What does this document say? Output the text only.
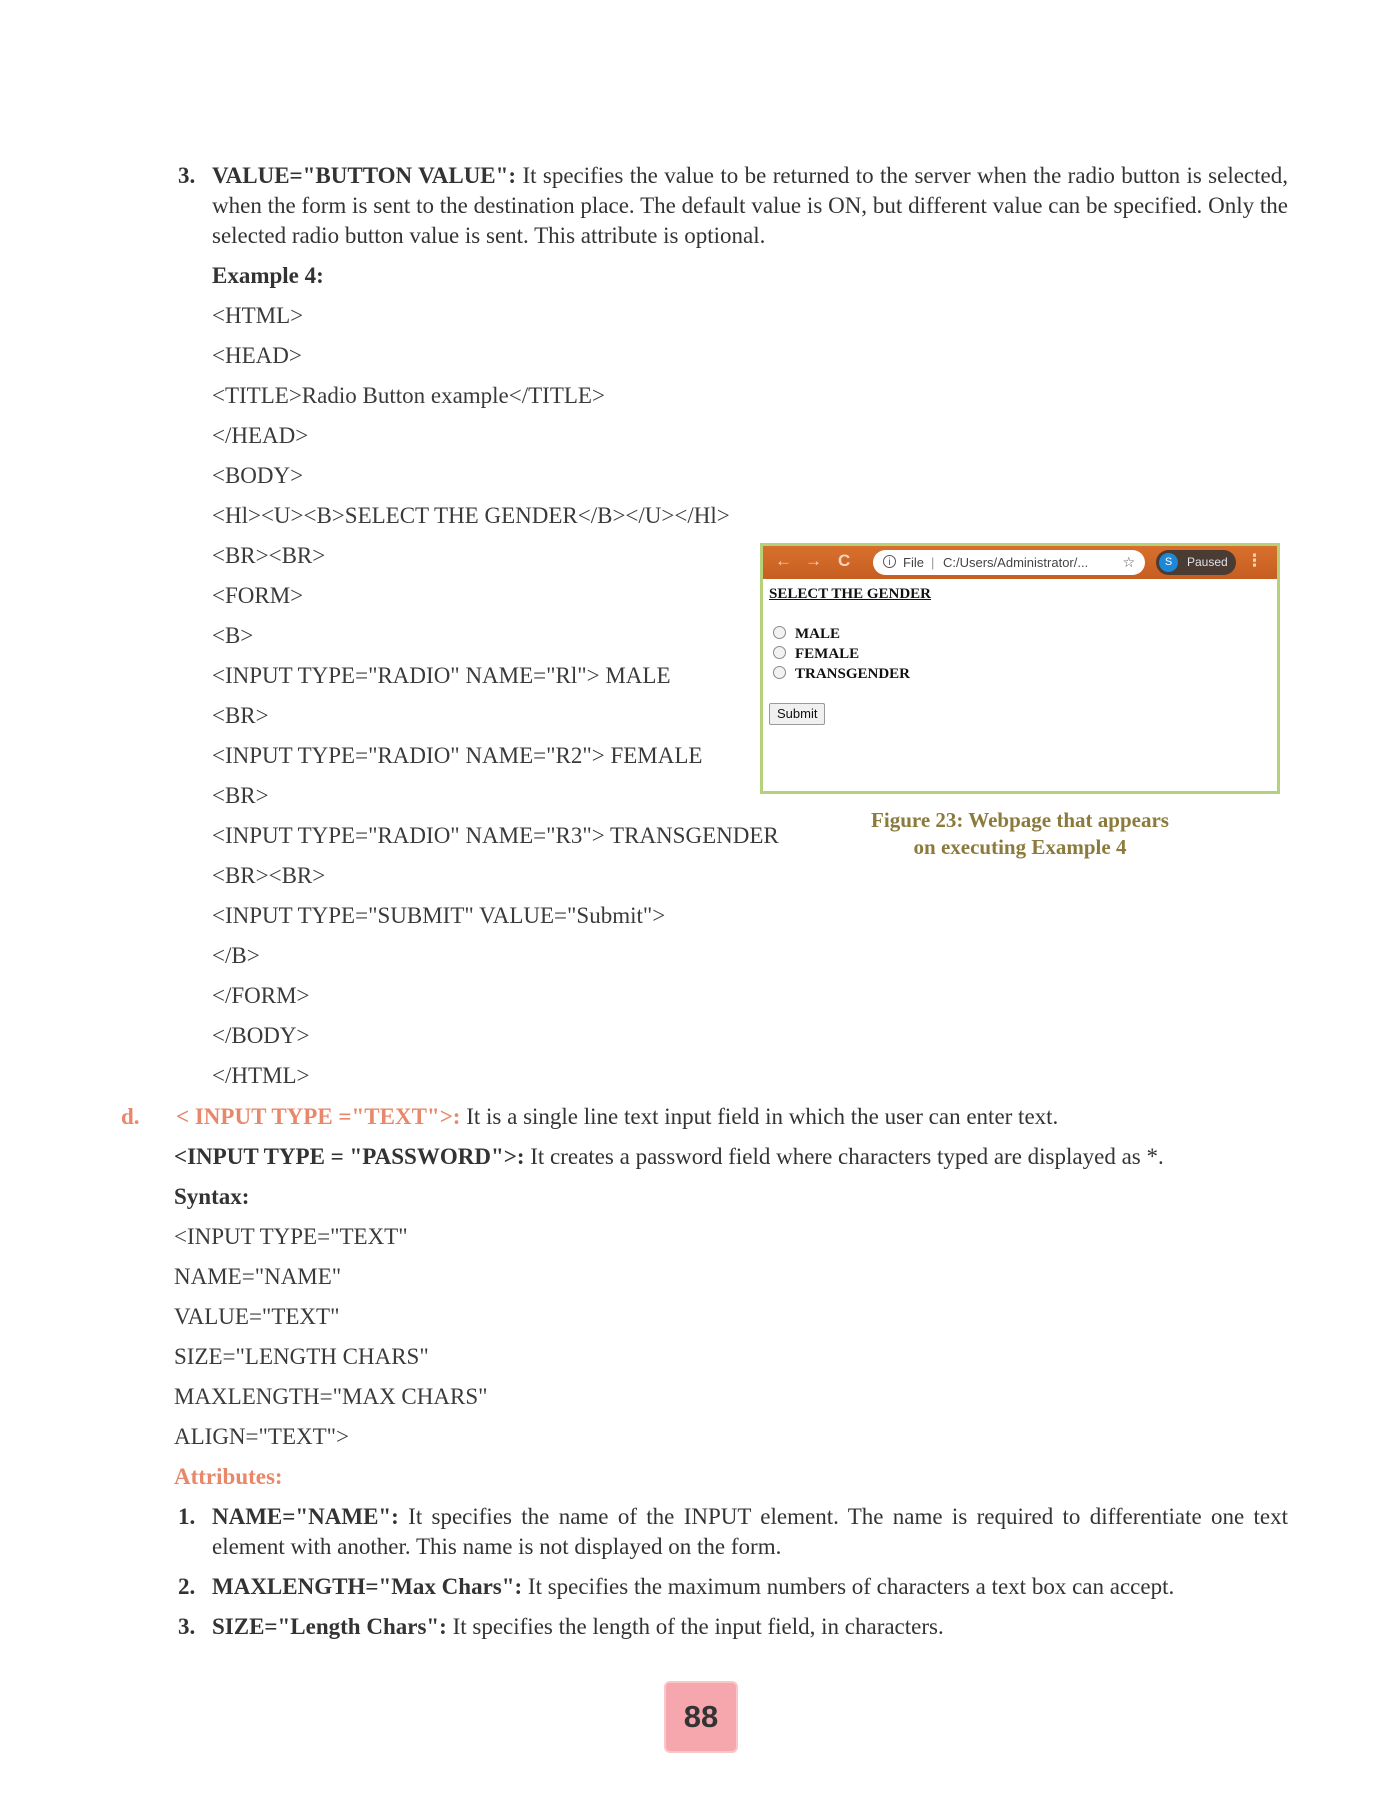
3. VALUE="BUTTON VALUE": It specifies the value to be returned to the server when the radio button is selected, when the form is sent to the destination place. The default value is ON, but different value can be specified. Only the selected radio button value is sent. This attribute is optional.

Example 4:
<HTML>
<HEAD>
<TITLE>Radio Button example</TITLE>
</HEAD>
<BODY>
<Hl><U><B>SELECT THE GENDER</B></U></Hl>
<BR><BR>
<FORM>
<B>
<INPUT TYPE="RADIO" NAME="Rl"> MALE
<BR>
<INPUT TYPE="RADIO" NAME="R2"> FEMALE
<BR>
<INPUT TYPE="RADIO" NAME="R3"> TRANSGENDER
<BR><BR>
<INPUT TYPE="SUBMIT" VALUE="Submit">
</B>
</FORM>
</BODY>
</HTML>
← → C	i File | C:/Users/Administrator/... ☆	S	Paused ⋮
SELECT THE GENDER
MALE
FEMALE
TRANSGENDER
Submit
Figure 23: Webpage that appears
on executing Example 4
d. < INPUT TYPE ="TEXT">: It is a single line text input field in which the user can enter text.

<INPUT TYPE = "PASSWORD">: It creates a password field where characters typed are displayed as *.

Syntax:
<INPUT TYPE="TEXT"
NAME="NAME"
VALUE="TEXT"
SIZE="LENGTH CHARS"
MAXLENGTH="MAX CHARS"
ALIGN="TEXT">
Attributes:
1. NAME="NAME": It specifies the name of the INPUT element. The name is required to differentiate one text element with another. This name is not displayed on the form.

2. MAXLENGTH="Max Chars": It specifies the maximum numbers of characters a text box can accept.

3. SIZE="Length Chars": It specifies the length of the input field, in characters.

88
